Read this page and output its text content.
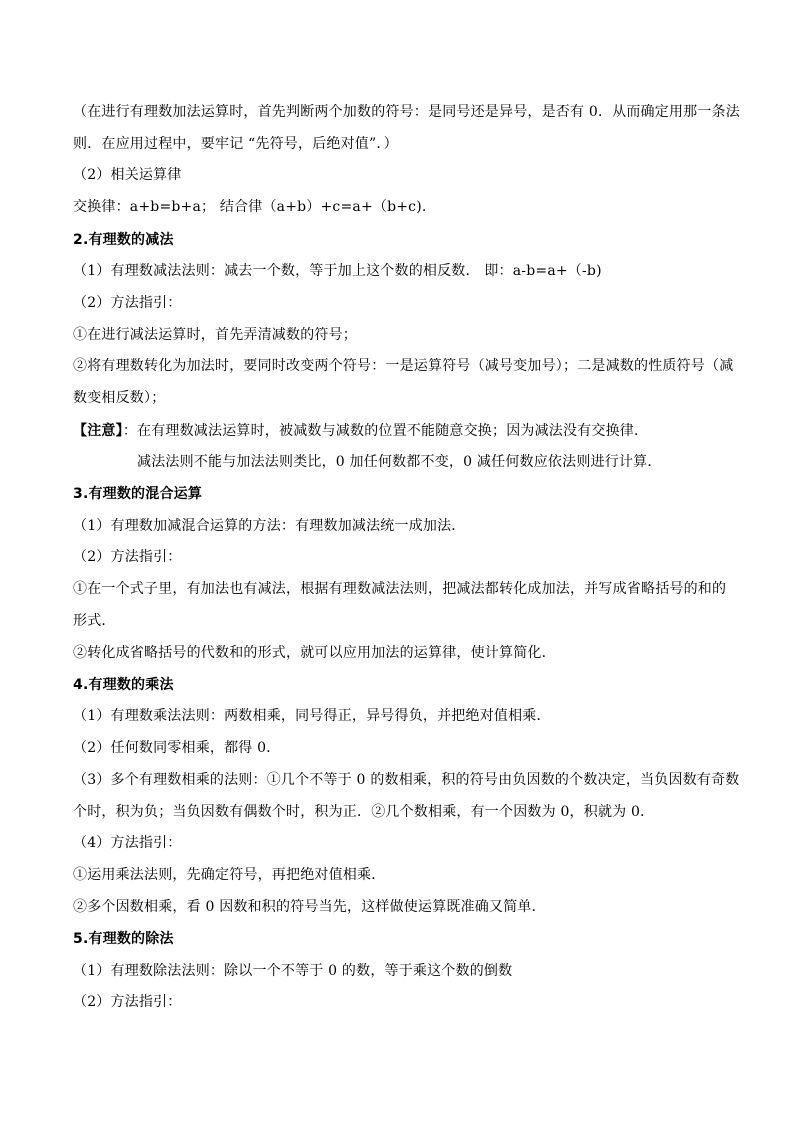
（在进行有理数加法运算时，首先判断两个加数的符号：是同号还是异号，是否有 0．从而确定用那一条法
则．在应用过程中，要牢记 “先符号，后绝对值”．）
（2）相关运算律
交换律：a+b=b+a； 结合律（a+b）+c=a+（b+c).
2.有理数的减法
（1）有理数减法法则：减去一个数，等于加上这个数的相反数． 即：a-b=a+（-b)
（2）方法指引：
①在进行减法运算时，首先弄清减数的符号；
②将有理数转化为加法时，要同时改变两个符号：一是运算符号（减号变加号）；二是减数的性质符号（减
数变相反数）；
【注意】：在有理数减法运算时，被减数与减数的位置不能随意交换；因为减法没有交换律．
减法法则不能与加法法则类比，0 加任何数都不变，0 减任何数应依法则进行计算．
3.有理数的混合运算
（1）有理数加减混合运算的方法：有理数加减法统一成加法．
（2）方法指引：
①在一个式子里，有加法也有减法，根据有理数减法法则，把减法都转化成加法，并写成省略括号的和的
形式．
②转化成省略括号的代数和的形式，就可以应用加法的运算律，使计算简化．
4.有理数的乘法
（1）有理数乘法法则：两数相乘，同号得正，异号得负，并把绝对值相乘．
（2）任何数同零相乘，都得 0．
（3）多个有理数相乘的法则：①几个不等于 0 的数相乘，积的符号由负因数的个数决定，当负因数有奇数
个时，积为负；当负因数有偶数个时，积为正．②几个数相乘，有一个因数为 0，积就为 0．
（4）方法指引：
①运用乘法法则，先确定符号，再把绝对值相乘．
②多个因数相乘，看 0 因数和积的符号当先，这样做使运算既准确又简单．
5.有理数的除法
（1）有理数除法法则：除以一个不等于 0 的数，等于乘这个数的倒数
（2）方法指引：
